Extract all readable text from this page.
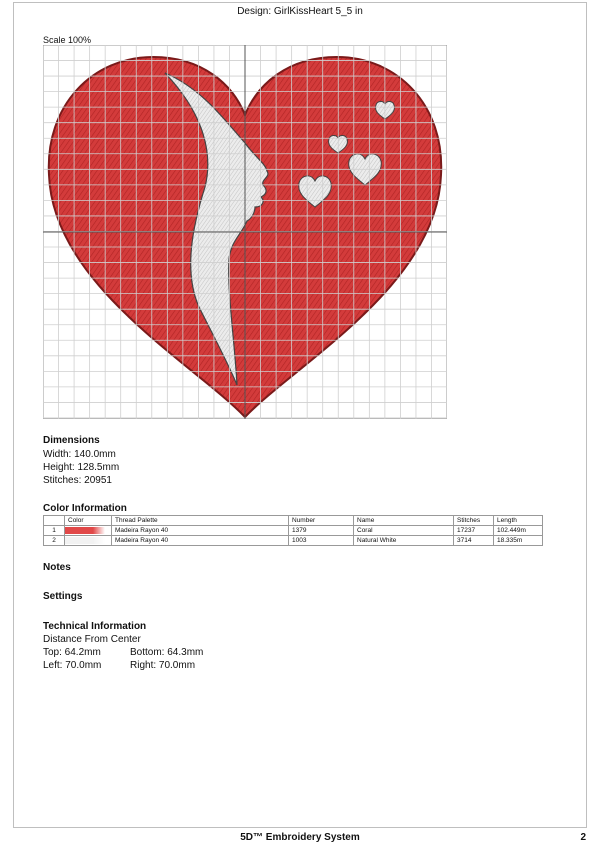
Design: GirlKissHeart 5_5 in
Scale 100%
Dimensions
Width: 140.0mm
Height: 128.5mm
Stitches: 20951
Color Information
	Color	Thread Palette	Number	Name	Stitches	Length
1		Madeira Rayon 40	1379	Coral	17237	102.449m
2		Madeira Rayon 40	1003	Natural White	3714	18.335m
Notes
Settings
Technical Information
Distance From Center
Top: 64.2mm	Bottom: 64.3mm
Left: 70.0mm	Right: 70.0mm
5D™ Embroidery System	2
